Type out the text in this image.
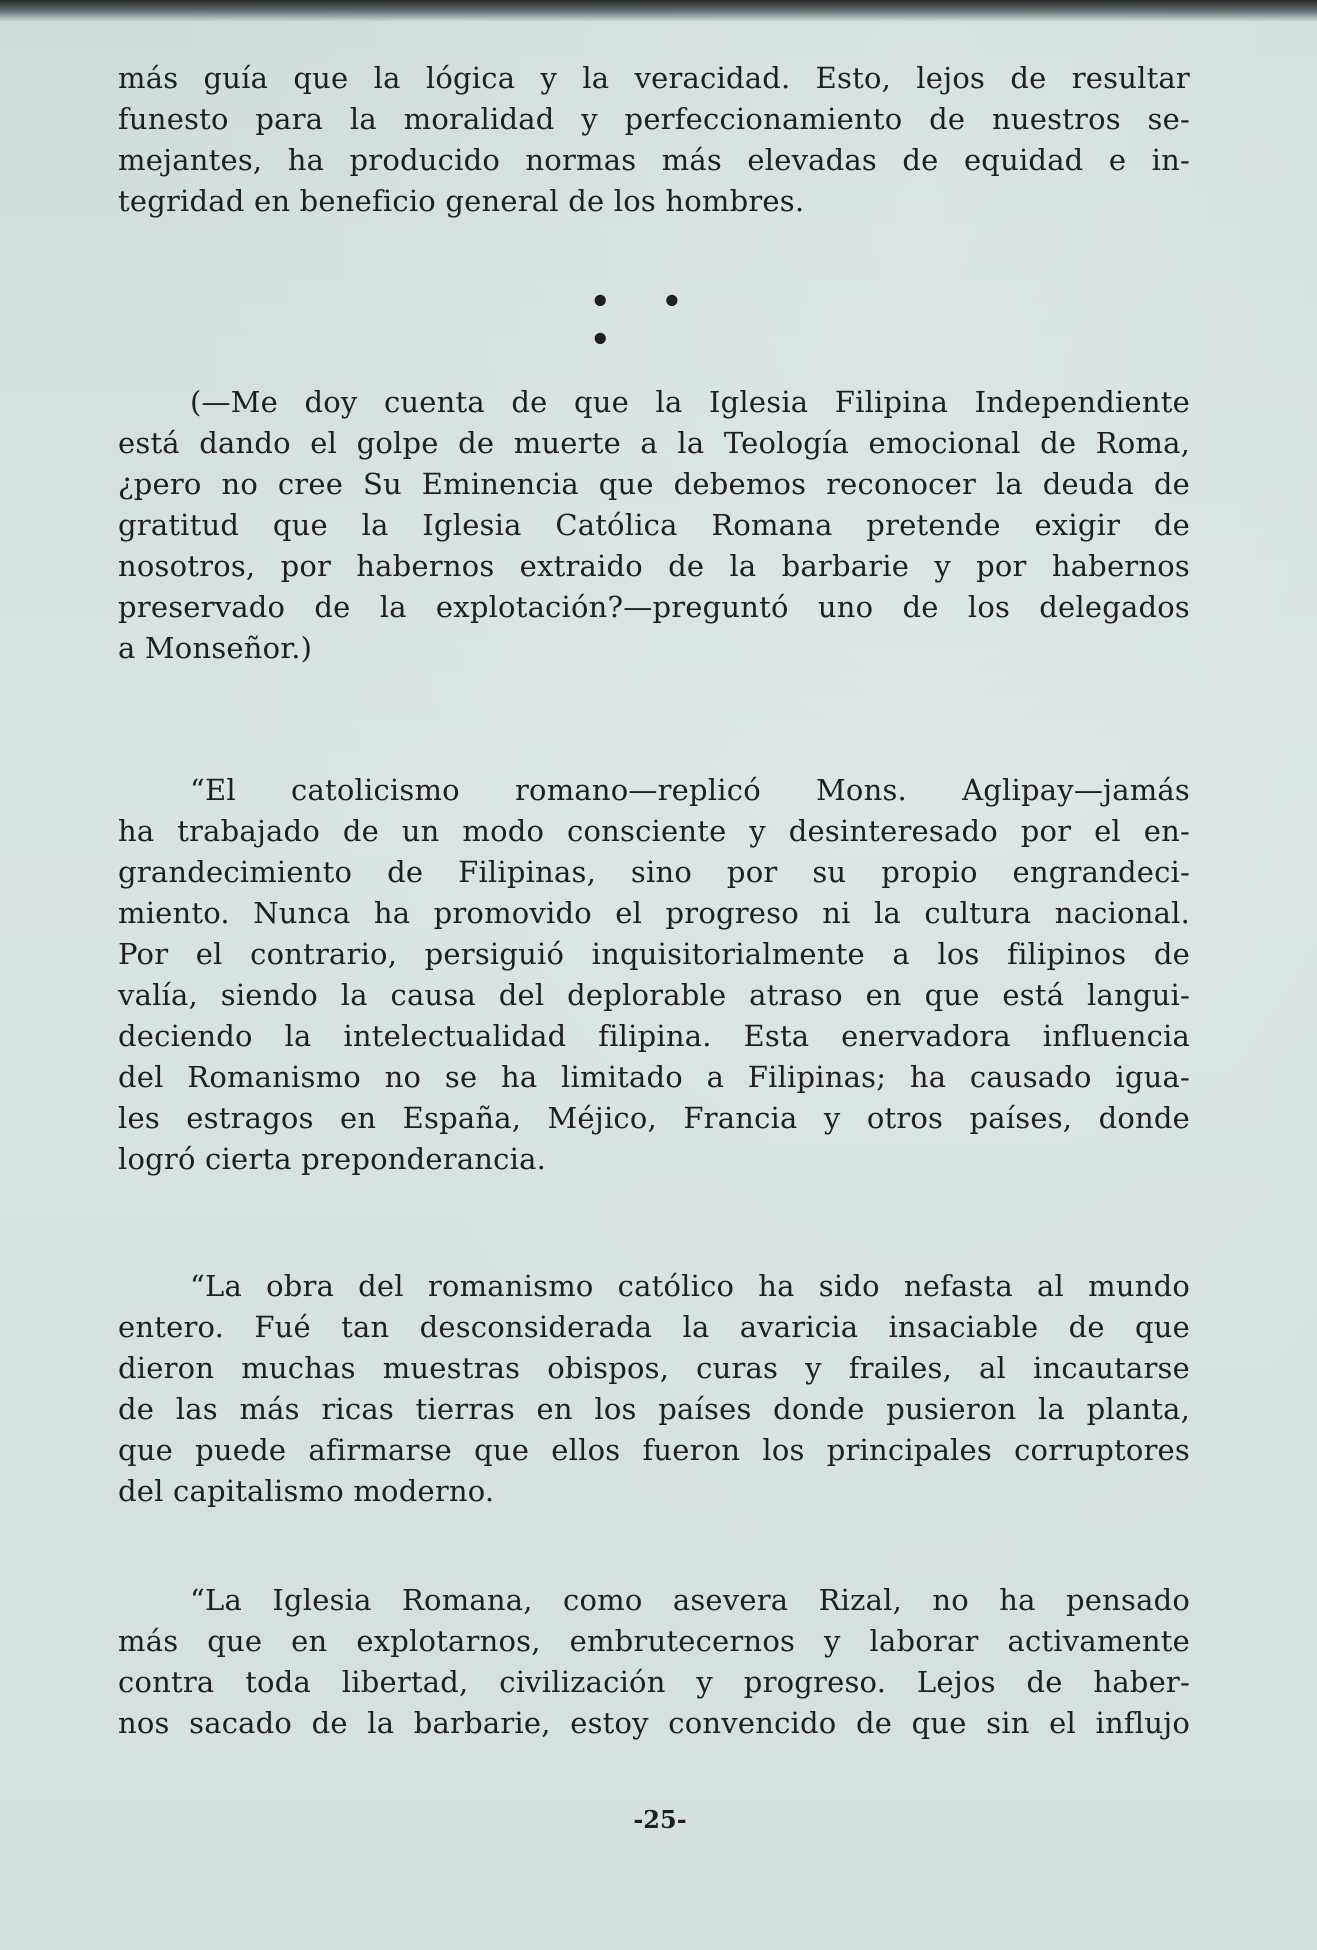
más guía que la lógica y la veracidad. Esto, lejos de resultar
funesto para la moralidad y perfeccionamiento de nuestros se-
mejantes, ha producido normas más elevadas de equidad e in-
tegridad en beneficio general de los hombres.
• • •
(—Me doy cuenta de que la Iglesia Filipina Independiente
está dando el golpe de muerte a la Teología emocional de Roma,
¿pero no cree Su Eminencia que debemos reconocer la deuda de
gratitud que la Iglesia Católica Romana pretende exigir de
nosotros, por habernos extraido de la barbarie y por habernos
preservado de la explotación?—preguntó uno de los delegados
a Monseñor.)
“El catolicismo romano—replicó Mons. Aglipay—jamás
ha trabajado de un modo consciente y desinteresado por el en-
grandecimiento de Filipinas, sino por su propio engrandeci-
miento. Nunca ha promovido el progreso ni la cultura nacional.
Por el contrario, persiguió inquisitorialmente a los filipinos de
valía, siendo la causa del deplorable atraso en que está langui-
deciendo la intelectualidad filipina. Esta enervadora influencia
del Romanismo no se ha limitado a Filipinas; ha causado igua-
les estragos en España, Méjico, Francia y otros países, donde
logró cierta preponderancia.
“La obra del romanismo católico ha sido nefasta al mundo
entero. Fué tan desconsiderada la avaricia insaciable de que
dieron muchas muestras obispos, curas y frailes, al incautarse
de las más ricas tierras en los países donde pusieron la planta,
que puede afirmarse que ellos fueron los principales corruptores
del capitalismo moderno.
“La Iglesia Romana, como asevera Rizal, no ha pensado
más que en explotarnos, embrutecernos y laborar activamente
contra toda libertad, civilización y progreso. Lejos de haber-
nos sacado de la barbarie, estoy convencido de que sin el influjo
-25-
